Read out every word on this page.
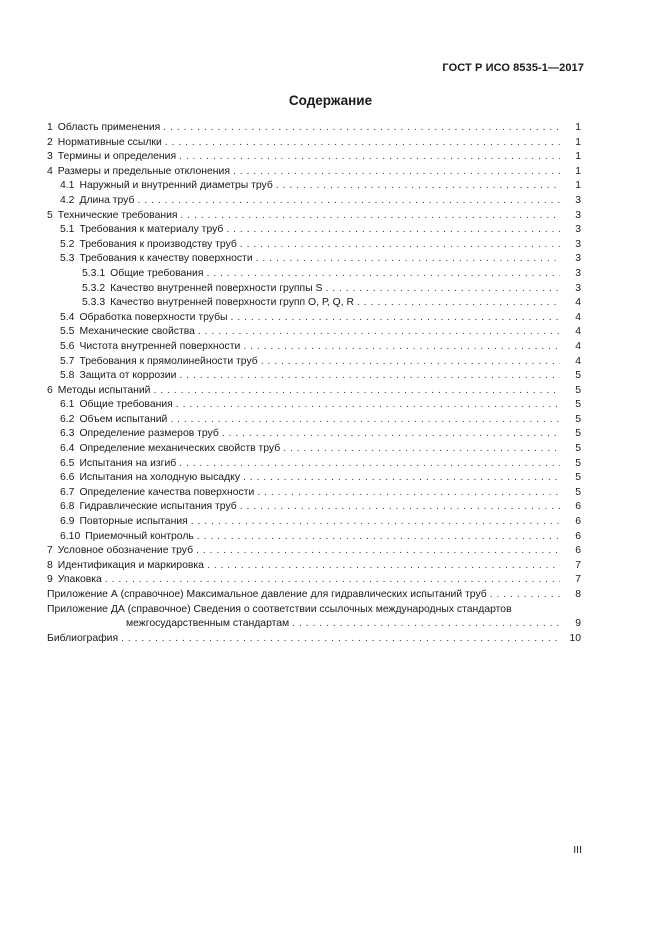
ГОСТ Р ИСО 8535-1—2017
Содержание
1 Область применения . . .	1
2 Нормативные ссылки . . .	1
3 Термины и определения . . .	1
4 Размеры и предельные отклонения . . .	1
4.1 Наружный и внутренний диаметры труб . . .	1
4.2 Длина труб . . .	3
5 Технические требования . . .	3
5.1 Требования к материалу труб . . .	3
5.2 Требования к производству труб . . .	3
5.3 Требования к качеству поверхности . . .	3
5.3.1 Общие требования . . .	3
5.3.2 Качество внутренней поверхности группы S . . .	3
5.3.3 Качество внутренней поверхности групп О, Р, Q, R . . .	4
5.4 Обработка поверхности трубы . . .	4
5.5 Механические свойства . . .	4
5.6 Чистота внутренней поверхности . . .	4
5.7 Требования к прямолинейности труб . . .	4
5.8 Защита от коррозии . . .	5
6 Методы испытаний . . .	5
6.1 Общие требования . . .	5
6.2 Объем испытаний . . .	5
6.3 Определение размеров труб . . .	5
6.4 Определение механических свойств труб . . .	5
6.5 Испытания на изгиб . . .	5
6.6 Испытания на холодную высадку . . .	5
6.7 Определение качества поверхности . . .	5
6.8 Гидравлические испытания труб . . .	6
6.9 Повторные испытания . . .	6
6.10 Приемочный контроль . . .	6
7 Условное обозначение труб . . .	6
8 Идентификация и маркировка . . .	7
9 Упаковка . . .	7
Приложение А (справочное) Максимальное давление для гидравлических испытаний труб . . .	8
Приложение ДА (справочное) Сведения о соответствии ссылочных международных стандартов
межгосударственным стандартам . . .	9
Библиография . . .	10
III
